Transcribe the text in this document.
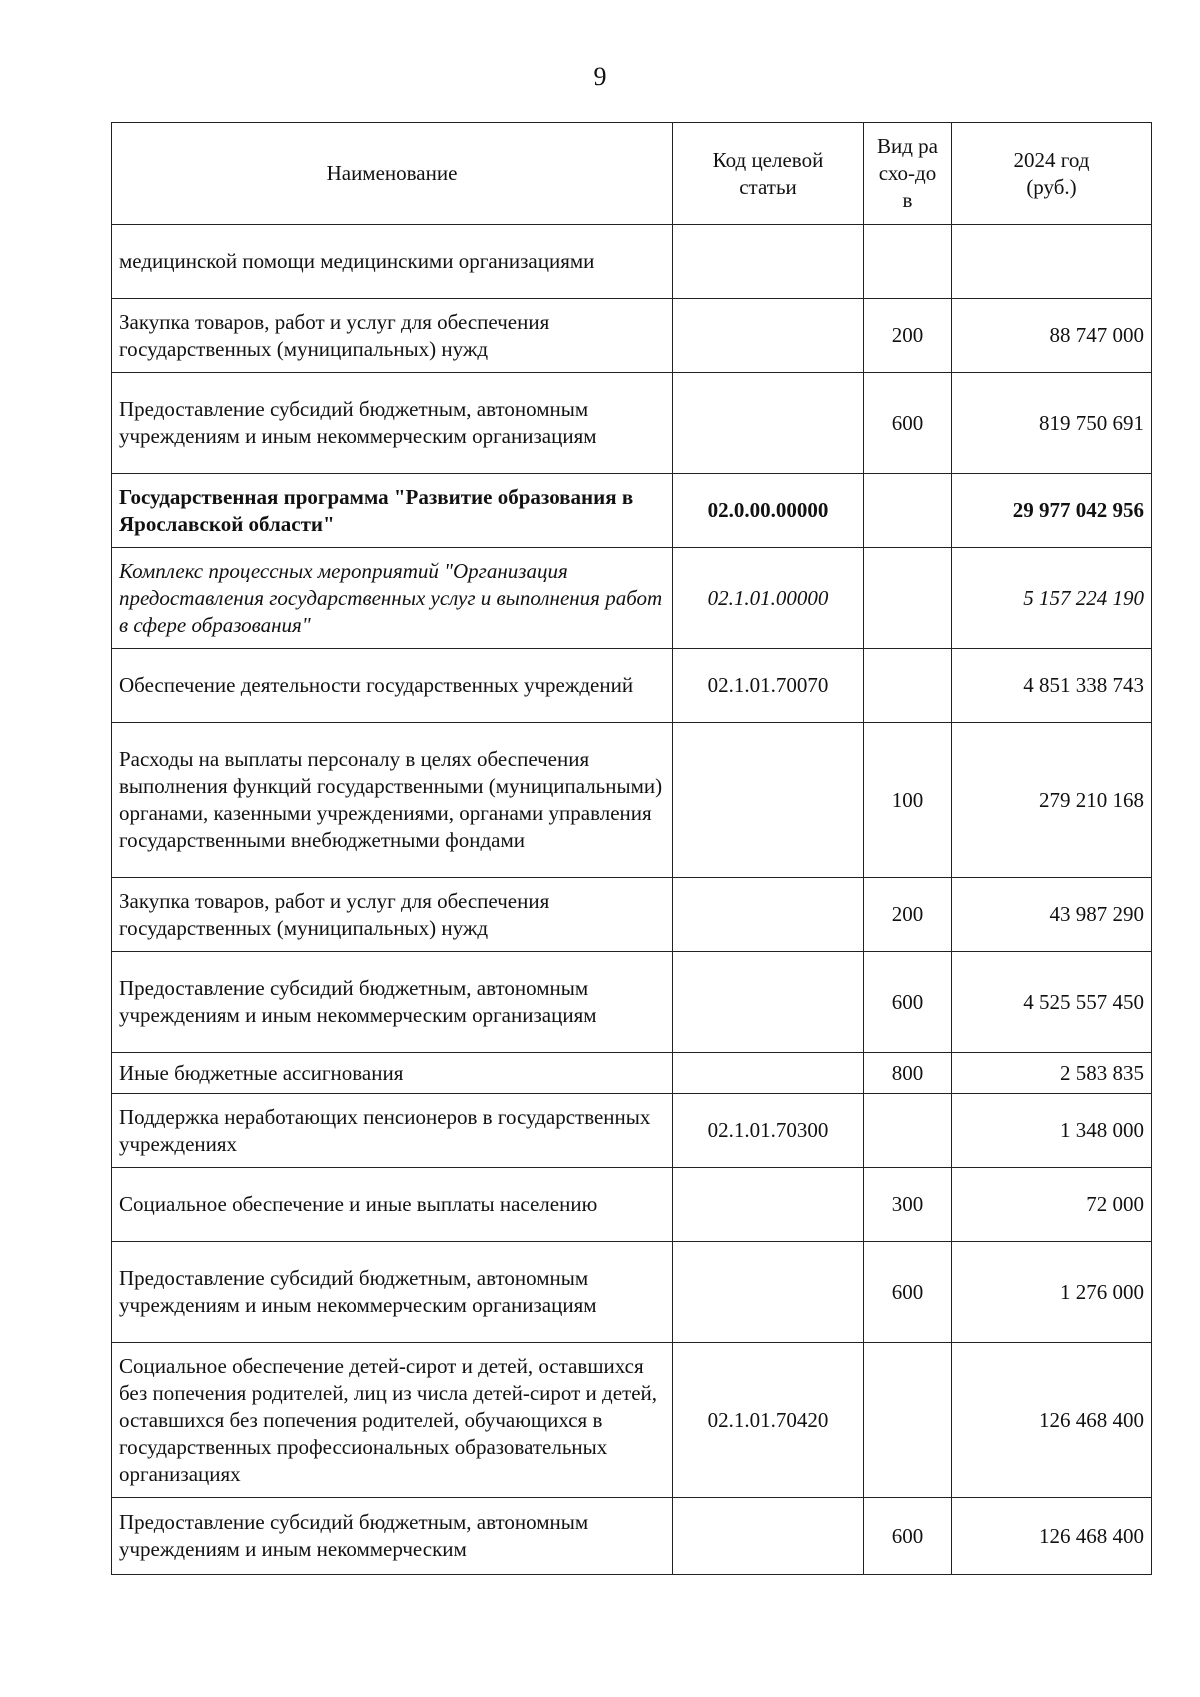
9
Наименование	Код целевой статьи	Вид расхо-дов	2024 год (руб.)
медицинской помощи медицинскими организациями			
Закупка товаров, работ и услуг для обеспечения государственных (муниципальных) нужд		200	88 747 000
Предоставление субсидий бюджетным, автономным учреждениям и иным некоммерческим организациям		600	819 750 691
Государственная программа "Развитие образования в Ярославской области"	02.0.00.00000		29 977 042 956
Комплекс процессных мероприятий "Организация предоставления государственных услуг и выполнения работ в сфере образования"	02.1.01.00000		5 157 224 190
Обеспечение деятельности государственных учреждений	02.1.01.70070		4 851 338 743
Расходы на выплаты персоналу в целях обеспечения выполнения функций государственными (муниципальными) органами, казенными учреждениями, органами управления государственными внебюджетными фондами		100	279 210 168
Закупка товаров, работ и услуг для обеспечения государственных (муниципальных) нужд		200	43 987 290
Предоставление субсидий бюджетным, автономным учреждениям и иным некоммерческим организациям		600	4 525 557 450
Иные бюджетные ассигнования		800	2 583 835
Поддержка неработающих пенсионеров в государственных учреждениях	02.1.01.70300		1 348 000
Социальное обеспечение и иные выплаты населению		300	72 000
Предоставление субсидий бюджетным, автономным учреждениям и иным некоммерческим организациям		600	1 276 000
Социальное обеспечение детей-сирот и детей, оставшихся без попечения родителей, лиц из числа детей-сирот и детей, оставшихся без попечения родителей, обучающихся в государственных профессиональных образовательных организациях	02.1.01.70420		126 468 400
Предоставление субсидий бюджетным, автономным учреждениям и иным некоммерческим		600	126 468 400
